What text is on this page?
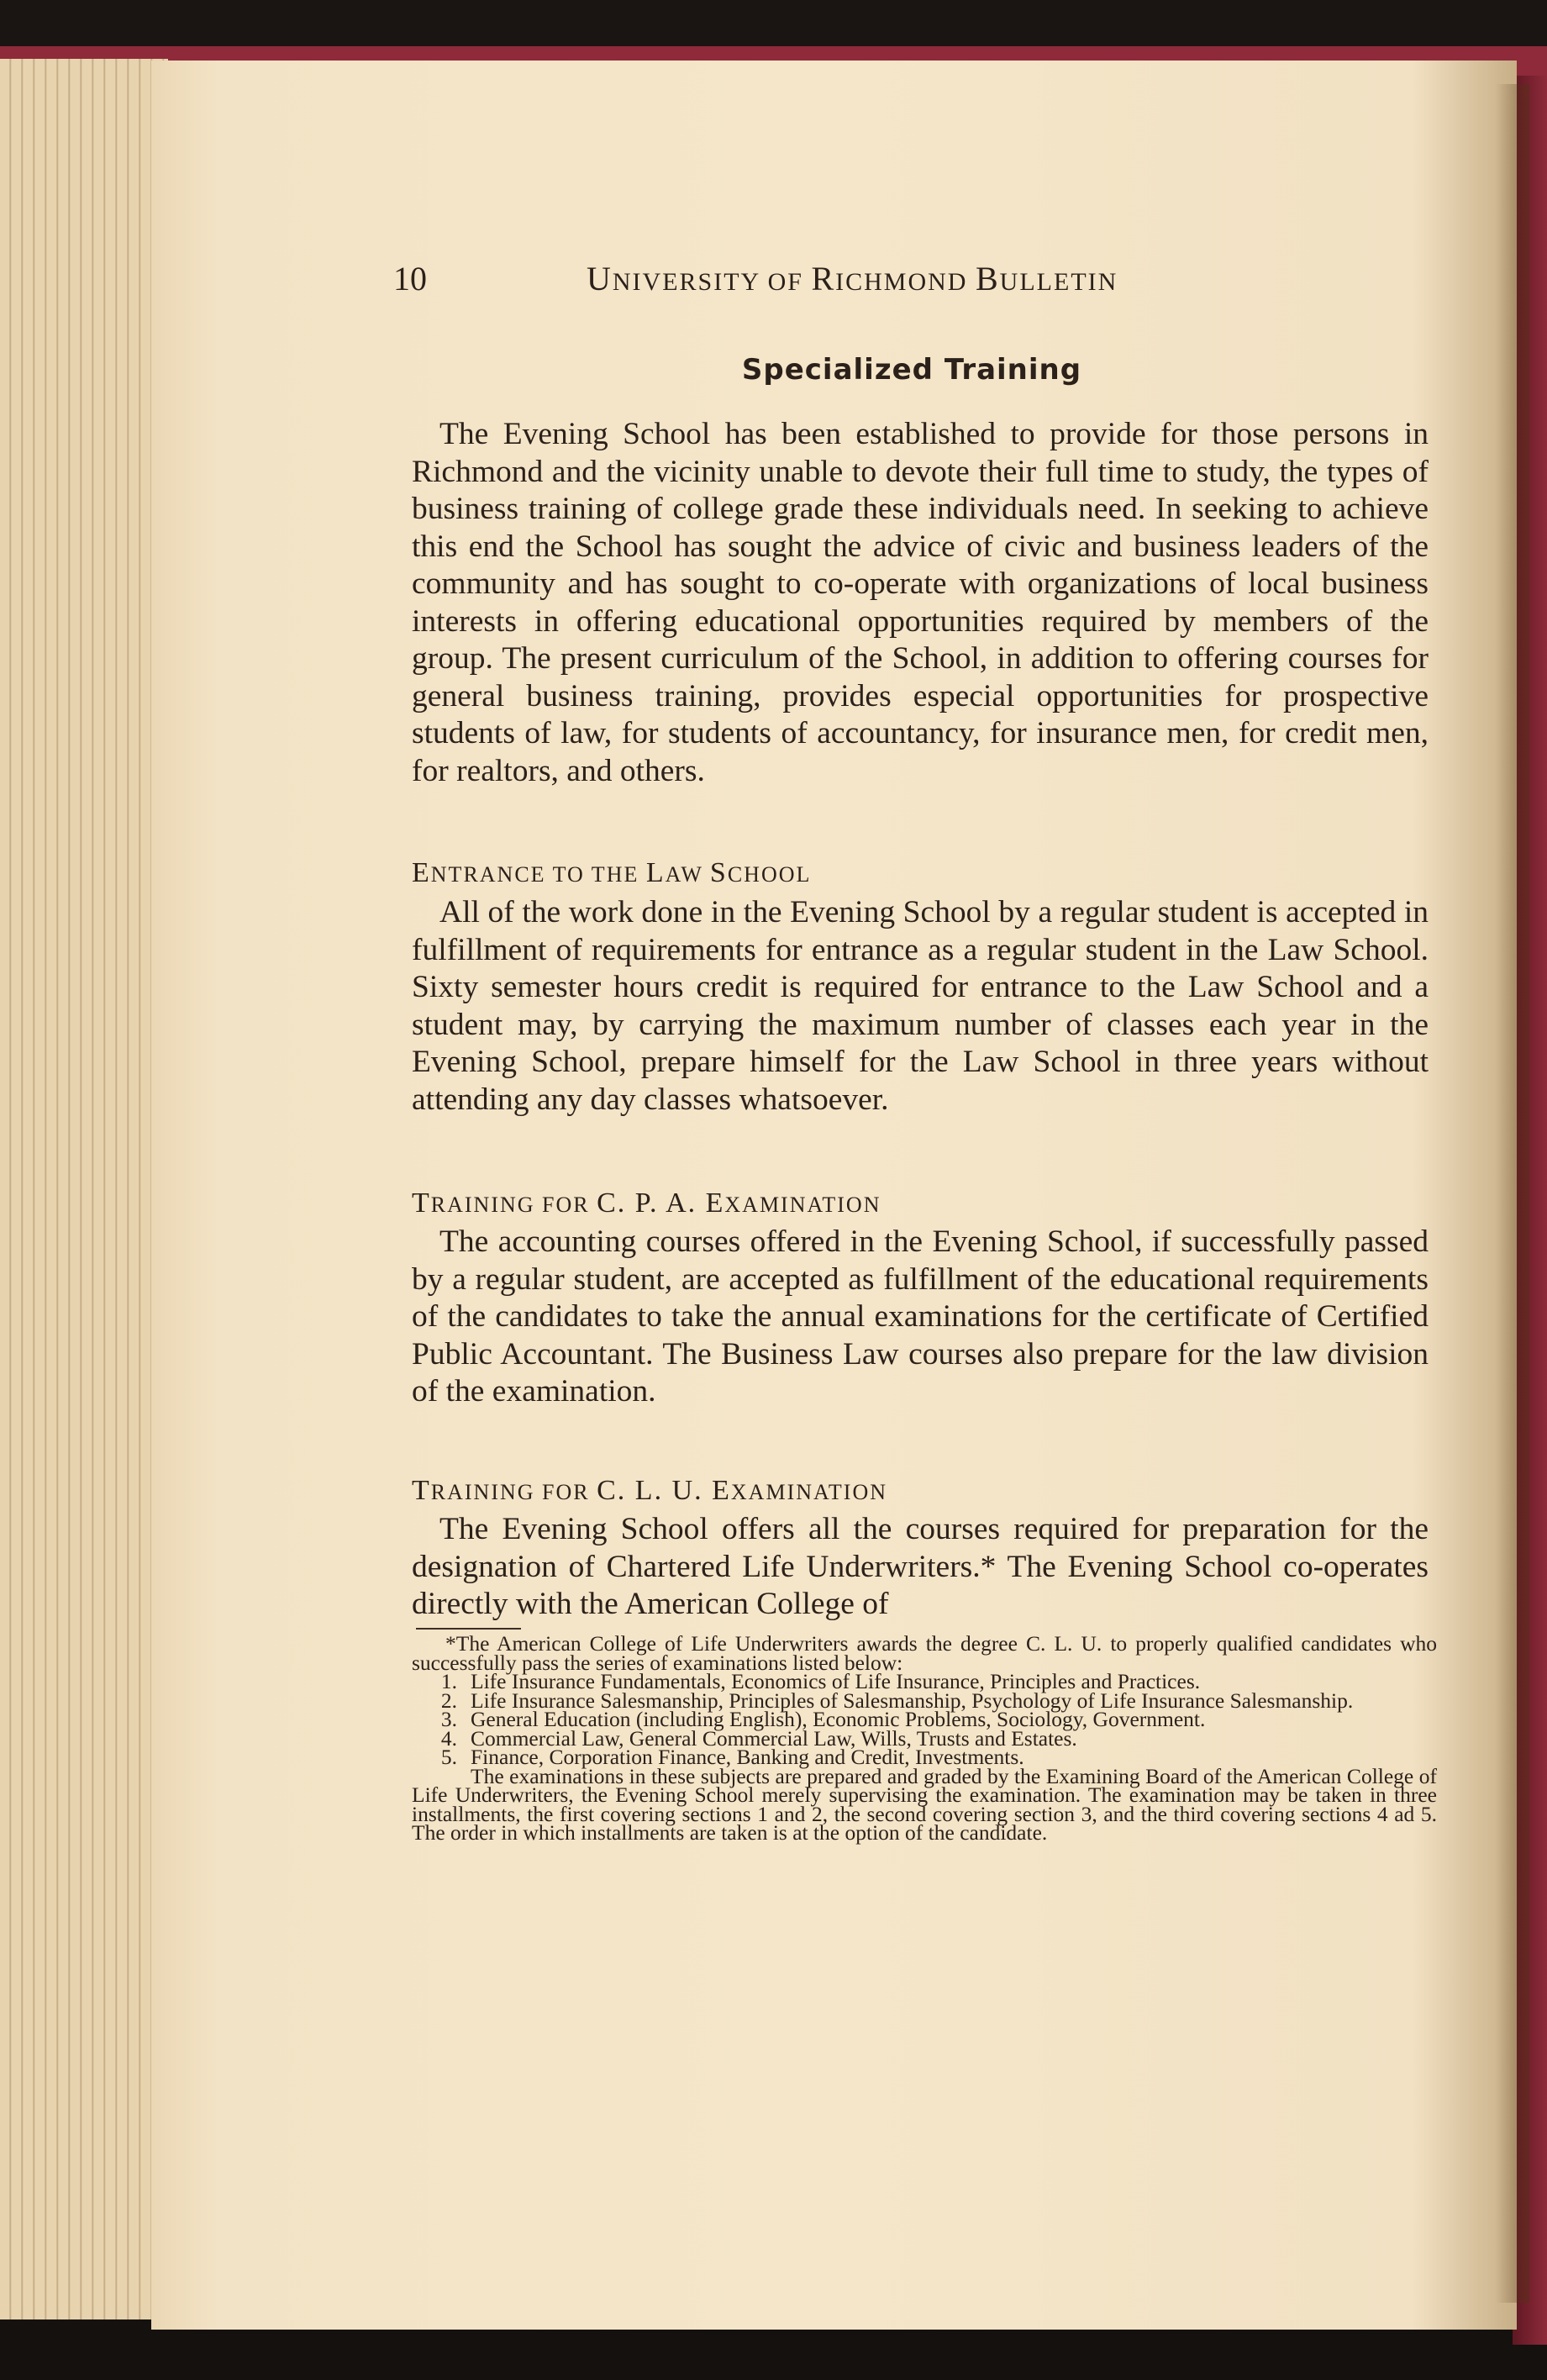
10	UNIVERSITY OF RICHMOND BULLETIN
Specialized Training
The Evening School has been established to provide for those persons in Richmond and the vicinity unable to devote their full time to study, the types of business training of college grade these individuals need. In seeking to achieve this end the School has sought the advice of civic and business leaders of the community and has sought to co-operate with organizations of local business interests in offering educational opportunities required by members of the group. The present curriculum of the School, in addition to offering courses for general business training, provides especial opportunities for prospective students of law, for students of accountancy, for insurance men, for credit men, for realtors, and others.
ENTRANCE TO THE LAW SCHOOL
All of the work done in the Evening School by a regular student is accepted in fulfillment of requirements for entrance as a regular student in the Law School. Sixty semester hours credit is required for entrance to the Law School and a student may, by carrying the maximum number of classes each year in the Evening School, prepare himself for the Law School in three years without attending any day classes whatsoever.
TRAINING FOR C. P. A. EXAMINATION
The accounting courses offered in the Evening School, if successfully passed by a regular student, are accepted as fulfillment of the educational requirements of the candidates to take the annual examinations for the certificate of Certified Public Accountant. The Business Law courses also prepare for the law division of the examination.
TRAINING FOR C. L. U. EXAMINATION
The Evening School offers all the courses required for preparation for the designation of Chartered Life Underwriters.* The Evening School co-operates directly with the American College of

*The American College of Life Underwriters awards the degree C. L. U. to properly qualified candidates who successfully pass the series of examinations listed below:

1. Life Insurance Fundamentals, Economics of Life Insurance, Principles and Practices.
2. Life Insurance Salesmanship, Principles of Salesmanship, Psychology of Life Insurance Salesmanship.
3. General Education (including English), Economic Problems, Sociology, Government.
4. Commercial Law, General Commercial Law, Wills, Trusts and Estates.
5. Finance, Corporation Finance, Banking and Credit, Investments.

The examinations in these subjects are prepared and graded by the Examining Board of the American College of Life Underwriters, the Evening School merely supervising the examination. The examination may be taken in three installments, the first covering sections 1 and 2, the second covering section 3, and the third covering sections 4 ad 5. The order in which installments are taken is at the option of the candidate.
